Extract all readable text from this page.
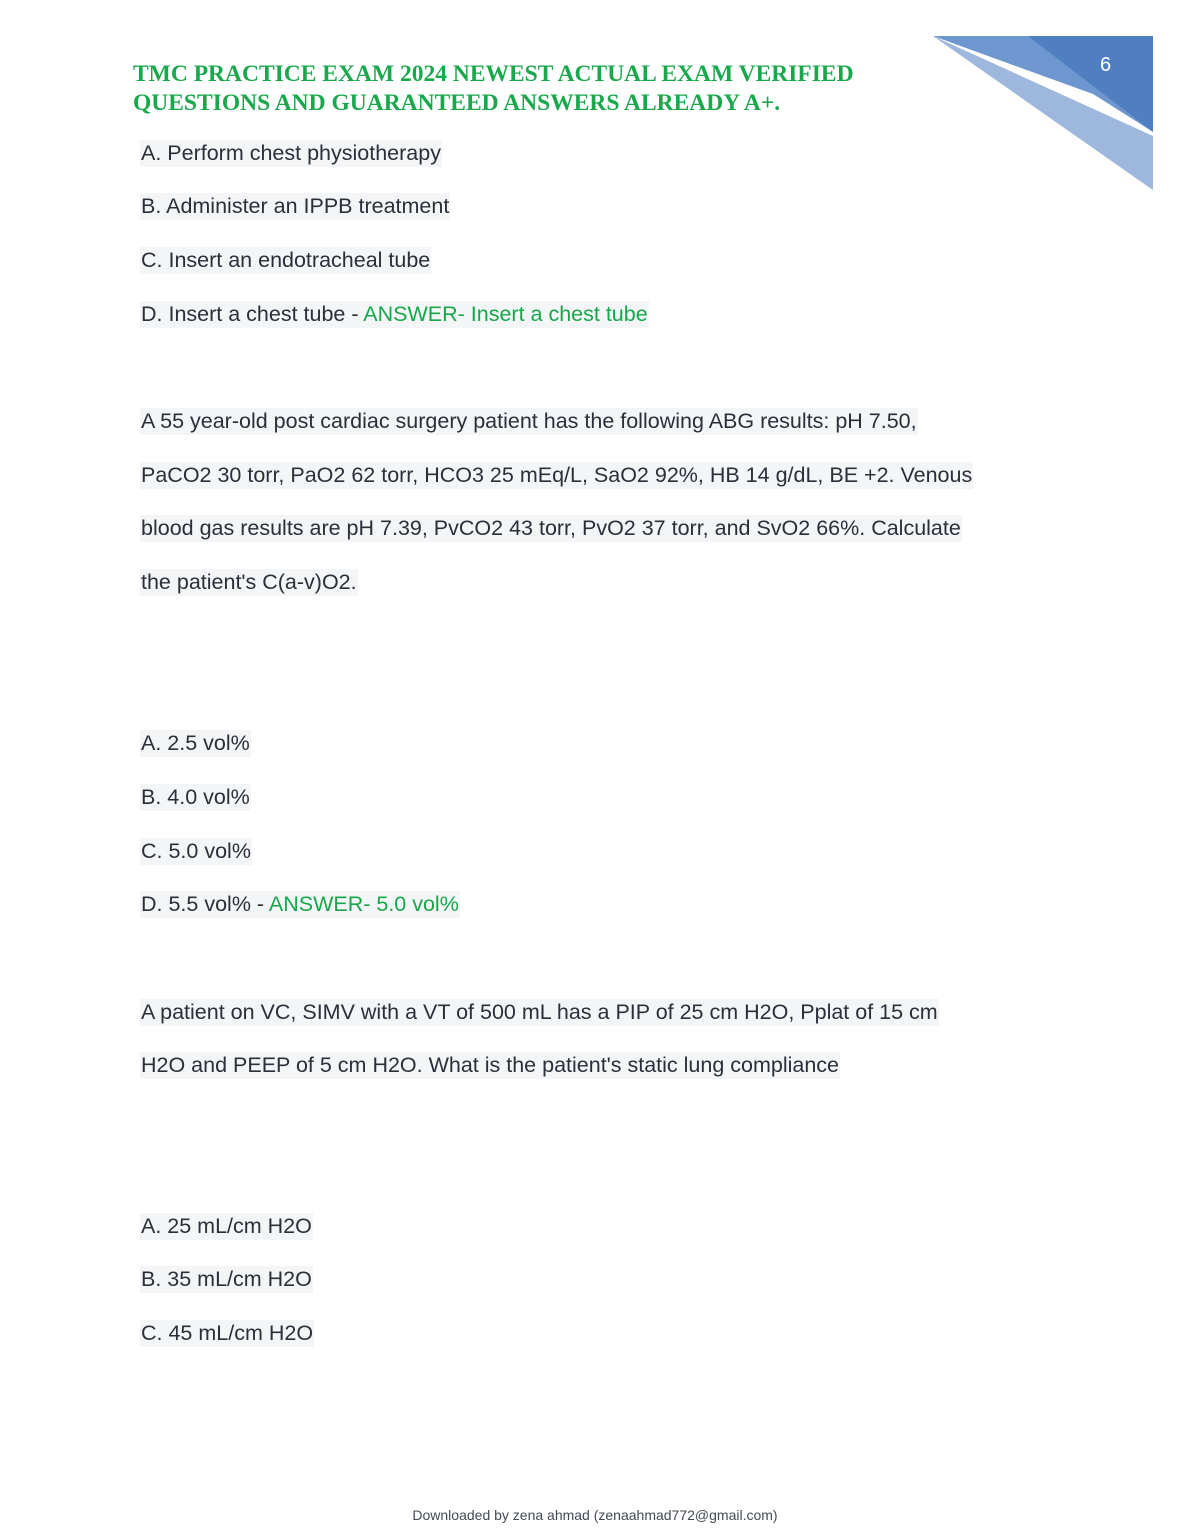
6
TMC PRACTICE EXAM 2024 NEWEST ACTUAL EXAM VERIFIED
QUESTIONS AND GUARANTEED ANSWERS ALREADY A+.
A. Perform chest physiotherapy
B. Administer an IPPB treatment
C. Insert an endotracheal tube
D. Insert a chest tube - ANSWER- Insert a chest tube
A 55 year-old post cardiac surgery patient has the following ABG results: pH 7.50,
PaCO2 30 torr, PaO2 62 torr, HCO3 25 mEq/L, SaO2 92%, HB 14 g/dL, BE +2. Venous
blood gas results are pH 7.39, PvCO2 43 torr, PvO2 37 torr, and SvO2 66%. Calculate
the patient's C(a-v)O2.
A. 2.5 vol%
B. 4.0 vol%
C. 5.0 vol%
D. 5.5 vol% - ANSWER- 5.0 vol%
A patient on VC, SIMV with a VT of 500 mL has a PIP of 25 cm H2O, Pplat of 15 cm
H2O and PEEP of 5 cm H2O. What is the patient's static lung compliance
A. 25 mL/cm H2O
B. 35 mL/cm H2O
C. 45 mL/cm H2O
Downloaded by zena ahmad (zenaahmad772@gmail.com)
